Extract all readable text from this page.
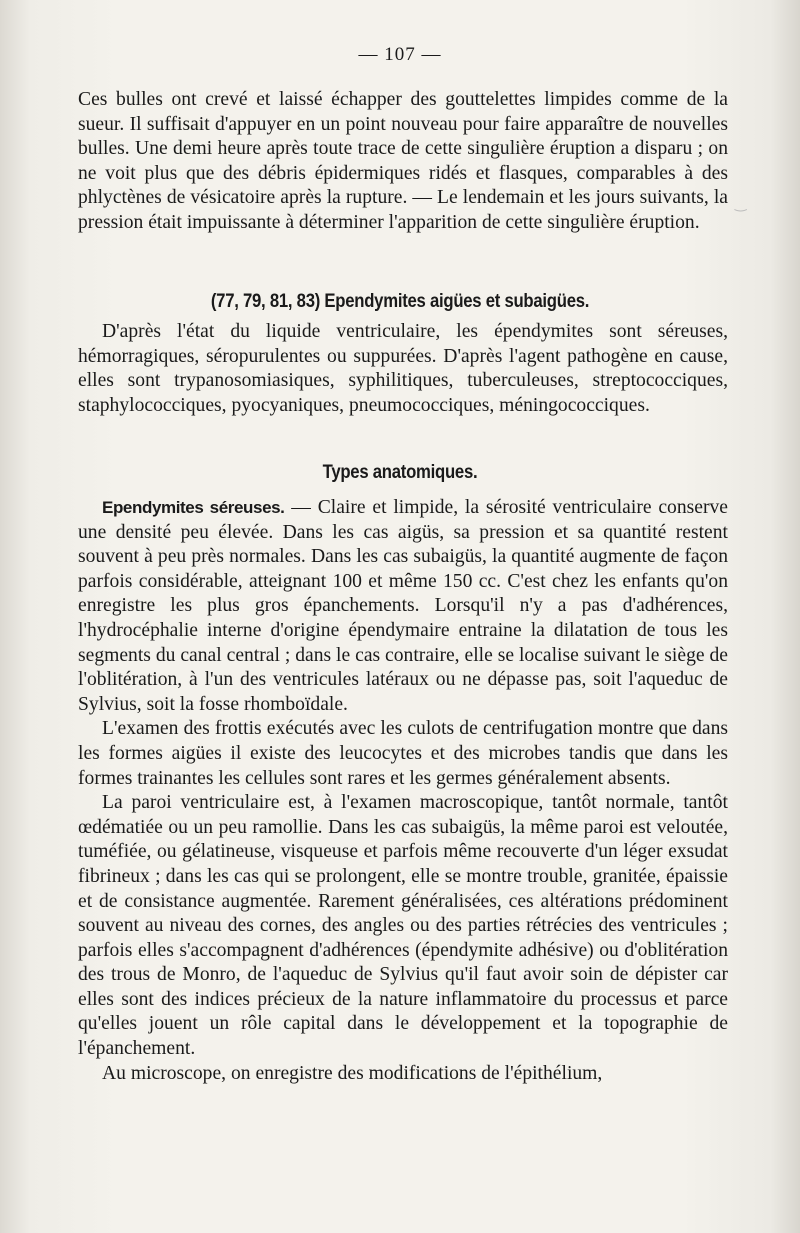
— 107 —

Ces bulles ont crevé et laissé échapper des gouttelettes limpides comme de la sueur. Il suffisait d'appuyer en un point nouveau pour faire apparaître de nouvelles bulles. Une demi heure après toute trace de cette singulière éruption a disparu ; on ne voit plus que des débris épidermiques ridés et flasques, comparables à des phlyctènes de vésicatoire après la rupture. — Le lendemain et les jours suivants, la pression était impuissante à déterminer l'apparition de cette singulière éruption.

(77, 79, 81, 83) Ependymites aigües et subaigües.

D'après l'état du liquide ventriculaire, les épendymites sont séreuses, hémorragiques, séropurulentes ou suppurées. D'après l'agent pathogène en cause, elles sont trypanosomiasiques, syphilitiques, tuberculeuses, streptococciques, staphylococciques, pyocyaniques, pneumococciques, méningococciques.

Types anatomiques.

Ependymites séreuses. — Claire et limpide, la sérosité ventriculaire conserve une densité peu élevée. Dans les cas aigüs, sa pression et sa quantité restent souvent à peu près normales. Dans les cas subaigüs, la quantité augmente de façon parfois considérable, atteignant 100 et même 150 cc. C'est chez les enfants qu'on enregistre les plus gros épanchements. Lorsqu'il n'y a pas d'adhérences, l'hydrocéphalie interne d'origine épendymaire entraine la dilatation de tous les segments du canal central ; dans le cas contraire, elle se localise suivant le siège de l'oblitération, à l'un des ventricules latéraux ou ne dépasse pas, soit l'aqueduc de Sylvius, soit la fosse rhomboïdale.

L'examen des frottis exécutés avec les culots de centrifugation montre que dans les formes aigües il existe des leucocytes et des microbes tandis que dans les formes trainantes les cellules sont rares et les germes généralement absents.

La paroi ventriculaire est, à l'examen macroscopique, tantôt normale, tantôt œdématiée ou un peu ramollie. Dans les cas subaigüs, la même paroi est veloutée, tuméfiée, ou gélatineuse, visqueuse et parfois même recouverte d'un léger exsudat fibrineux ; dans les cas qui se prolongent, elle se montre trouble, granitée, épaissie et de consistance augmentée. Rarement généralisées, ces altérations prédominent souvent au niveau des cornes, des angles ou des parties rétrécies des ventricules ; parfois elles s'accompagnent d'adhérences (épendymite adhésive) ou d'oblitération des trous de Monro, de l'aqueduc de Sylvius qu'il faut avoir soin de dépister car elles sont des indices précieux de la nature inflammatoire du processus et parce qu'elles jouent un rôle capital dans le développement et la topographie de l'épanchement.

Au microscope, on enregistre des modifications de l'épithélium,

‿
